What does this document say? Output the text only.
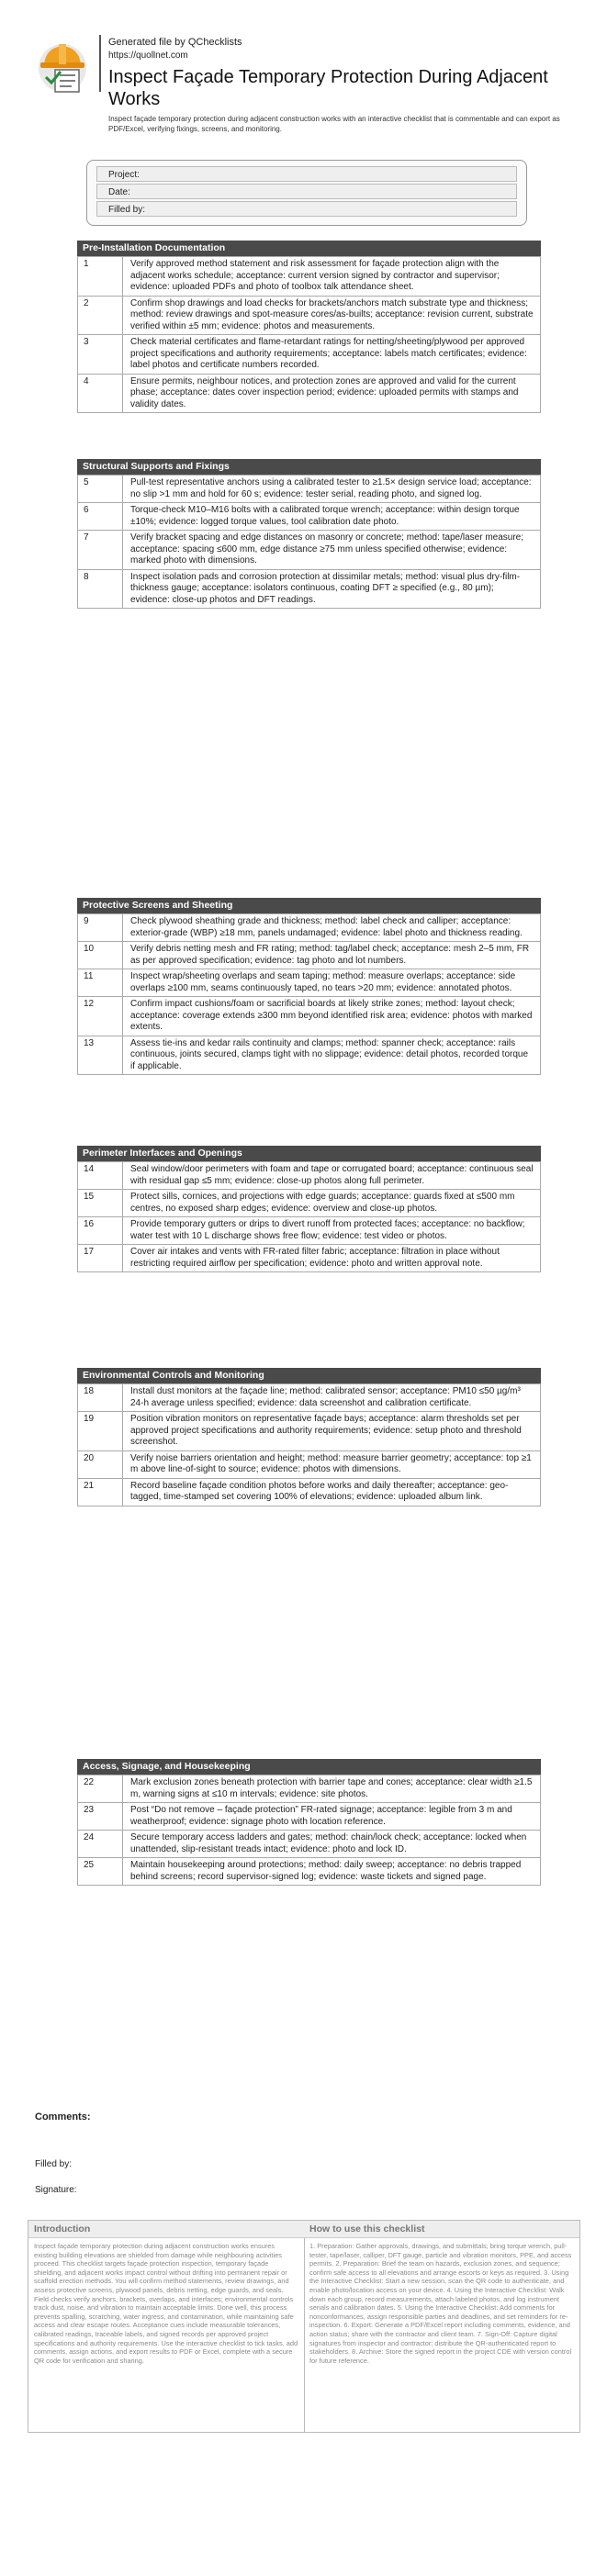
Generated file by QChecklists
https://quollnet.com
Inspect Façade Temporary Protection During Adjacent Works
Inspect façade temporary protection during adjacent construction works with an interactive checklist that is commentable and can export as PDF/Excel, verifying fixings, screens, and monitoring.
Project:
Date:
Filled by:
Pre-Installation Documentation
1	Verify approved method statement and risk assessment for façade protection align with the adjacent works schedule; acceptance: current version signed by contractor and supervisor; evidence: uploaded PDFs and photo of toolbox talk attendance sheet.
2	Confirm shop drawings and load checks for brackets/anchors match substrate type and thickness; method: review drawings and spot-measure cores/as-builts; acceptance: revision current, substrate verified within ±5 mm; evidence: photos and measurements.
3	Check material certificates and flame-retardant ratings for netting/sheeting/plywood per approved project specifications and authority requirements; acceptance: labels match certificates; evidence: label photos and certificate numbers recorded.
4	Ensure permits, neighbour notices, and protection zones are approved and valid for the current phase; acceptance: dates cover inspection period; evidence: uploaded permits with stamps and validity dates.
Structural Supports and Fixings
5	Pull-test representative anchors using a calibrated tester to ≥1.5× design service load; acceptance: no slip >1 mm and hold for 60 s; evidence: tester serial, reading photo, and signed log.
6	Torque-check M10–M16 bolts with a calibrated torque wrench; acceptance: within design torque ±10%; evidence: logged torque values, tool calibration date photo.
7	Verify bracket spacing and edge distances on masonry or concrete; method: tape/laser measure; acceptance: spacing ≤600 mm, edge distance ≥75 mm unless specified otherwise; evidence: marked photo with dimensions.
8	Inspect isolation pads and corrosion protection at dissimilar metals; method: visual plus dry-film-thickness gauge; acceptance: isolators continuous, coating DFT ≥ specified (e.g., 80 µm); evidence: close-up photos and DFT readings.
Protective Screens and Sheeting
9	Check plywood sheathing grade and thickness; method: label check and calliper; acceptance: exterior-grade (WBP) ≥18 mm, panels undamaged; evidence: label photo and thickness reading.
10	Verify debris netting mesh and FR rating; method: tag/label check; acceptance: mesh 2–5 mm, FR as per approved specification; evidence: tag photo and lot numbers.
11	Inspect wrap/sheeting overlaps and seam taping; method: measure overlaps; acceptance: side overlaps ≥100 mm, seams continuously taped, no tears >20 mm; evidence: annotated photos.
12	Confirm impact cushions/foam or sacrificial boards at likely strike zones; method: layout check; acceptance: coverage extends ≥300 mm beyond identified risk area; evidence: photos with marked extents.
13	Assess tie-ins and kedar rails continuity and clamps; method: spanner check; acceptance: rails continuous, joints secured, clamps tight with no slippage; evidence: detail photos, recorded torque if applicable.
Perimeter Interfaces and Openings
14	Seal window/door perimeters with foam and tape or corrugated board; acceptance: continuous seal with residual gap ≤5 mm; evidence: close-up photos along full perimeter.
15	Protect sills, cornices, and projections with edge guards; acceptance: guards fixed at ≤500 mm centres, no exposed sharp edges; evidence: overview and close-up photos.
16	Provide temporary gutters or drips to divert runoff from protected faces; acceptance: no backflow; water test with 10 L discharge shows free flow; evidence: test video or photos.
17	Cover air intakes and vents with FR-rated filter fabric; acceptance: filtration in place without restricting required airflow per specification; evidence: photo and written approval note.
Environmental Controls and Monitoring
18	Install dust monitors at the façade line; method: calibrated sensor; acceptance: PM10 ≤50 µg/m³ 24-h average unless specified; evidence: data screenshot and calibration certificate.
19	Position vibration monitors on representative façade bays; acceptance: alarm thresholds set per approved project specifications and authority requirements; evidence: setup photo and threshold screenshot.
20	Verify noise barriers orientation and height; method: measure barrier geometry; acceptance: top ≥1 m above line-of-sight to source; evidence: photos with dimensions.
21	Record baseline façade condition photos before works and daily thereafter; acceptance: geo-tagged, time-stamped set covering 100% of elevations; evidence: uploaded album link.
Access, Signage, and Housekeeping
22	Mark exclusion zones beneath protection with barrier tape and cones; acceptance: clear width ≥1.5 m, warning signs at ≤10 m intervals; evidence: site photos.
23	Post “Do not remove – façade protection” FR-rated signage; acceptance: legible from 3 m and weatherproof; evidence: signage photo with location reference.
24	Secure temporary access ladders and gates; method: chain/lock check; acceptance: locked when unattended, slip-resistant treads intact; evidence: photo and lock ID.
25	Maintain housekeeping around protections; method: daily sweep; acceptance: no debris trapped behind screens; record supervisor-signed log; evidence: waste tickets and signed page.
Comments:
Filled by:
Signature:
Introduction
Inspect façade temporary protection during adjacent construction works ensures existing building elevations are shielded from damage while neighbouring activities proceed. This checklist targets façade protection inspection, temporary façade shielding, and adjacent works impact control without drifting into permanent repair or scaffold erection methods. You will confirm method statements, review drawings, and assess protective screens, plywood panels, debris netting, edge guards, and seals. Field checks verify anchors, brackets, overlaps, and interfaces; environmental controls track dust, noise, and vibration to maintain acceptable limits. Done well, this process prevents spalling, scratching, water ingress, and contamination, while maintaining safe access and clear escape routes. Acceptance cues include measurable tolerances, calibrated readings, traceable labels, and signed records per approved project specifications and authority requirements. Use the interactive checklist to tick tasks, add comments, assign actions, and export results to PDF or Excel, complete with a secure QR code for verification and sharing.
How to use this checklist
1. Preparation: Gather approvals, drawings, and submittals; bring torque wrench, pull-tester, tape/laser, calliper, DFT gauge, particle and vibration monitors, PPE, and access permits. 2. Preparation: Brief the team on hazards, exclusion zones, and sequence; confirm safe access to all elevations and arrange escorts or keys as required. 3. Using the Interactive Checklist: Start a new session, scan the QR code to authenticate, and enable photo/location access on your device. 4. Using the Interactive Checklist: Walk down each group, record measurements, attach labeled photos, and log instrument serials and calibration dates. 5. Using the Interactive Checklist: Add comments for nonconformances, assign responsible parties and deadlines, and set reminders for re-inspection. 6. Export: Generate a PDF/Excel report including comments, evidence, and action status; share with the contractor and client team. 7. Sign-Off: Capture digital signatures from inspector and contractor; distribute the QR-authenticated report to stakeholders. 8. Archive: Store the signed report in the project CDE with version control for future reference.
